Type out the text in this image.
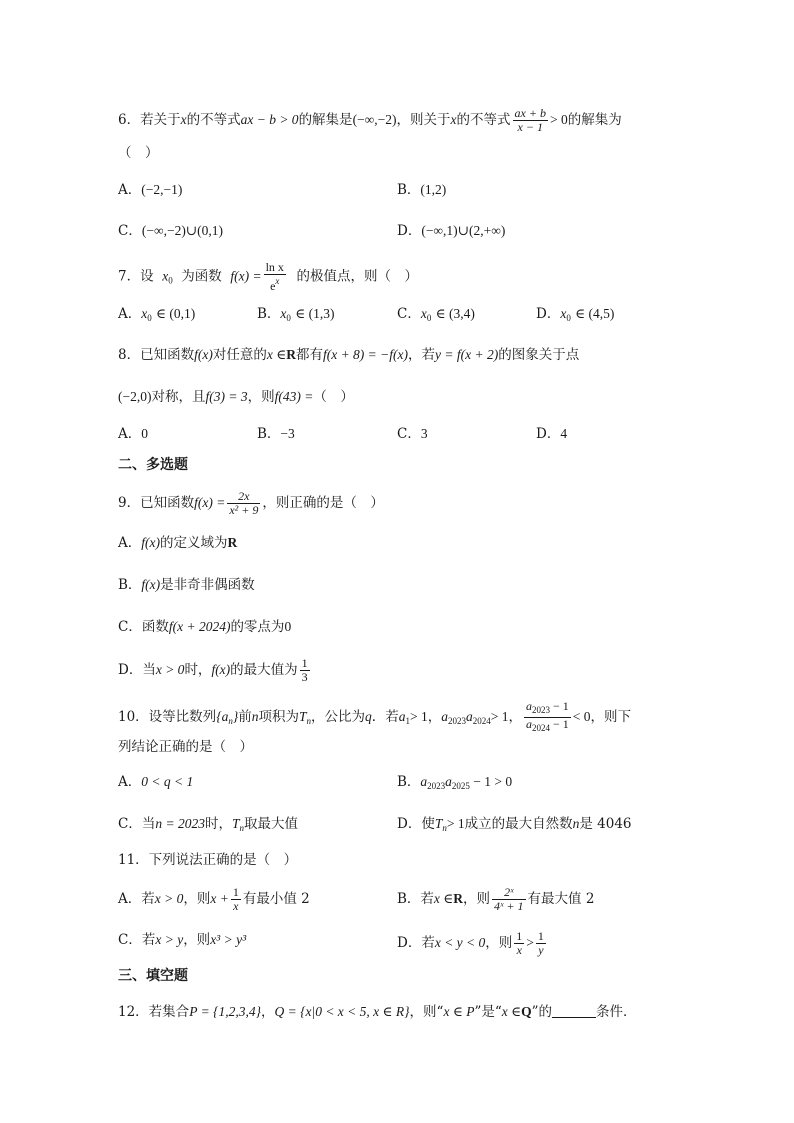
6．若关于x的不等式ax − b > 0的解集是(−∞,−2)，则关于x的不等式 $\frac{ax + b}{x - 1} > 0$的解集为
（　）
A．(−2,−1)	B．(1,2)
C．(−∞,−2)∪(0,1)	D．(−∞,1)∪(2,+∞)
7．设 $x_0$ 为函数 $f(x) = \frac{\text{ln x}}{e^x}$ 的极值点，则（　）
A．$x_0$ ∈ (0,1)	B．$x_0$ ∈ (1,3)	C．$x_0$ ∈ (3,4)	D．$x_0$ ∈ (4,5)
8．已知函数f(x)对任意的x ∈R都有f(x + 8) = −f(x)，若y = f(x + 2)的图象关于点
(−2,0)对称，且f(3) = 3，则f(43) =（　）
A．0	B．−3	C．3	D．4
二、多选题
9．已知函数$f(x) = \frac{2x}{\text{x² + 9}}$ ，则正确的是（　）
A．f(x)的定义域为R
B．f(x)是非奇非偶函数
C．函数f(x + 2024)的零点为0
D．当x > 0时，f(x)的最大值为 $\frac{1}{3}$
10．设等比数列$\{a_n\}$前n项积为$T_n$，公比为q．若$a_1> 1$，$a_{2023}a_{2024}> 1$， $\frac{a_{2023} - 1}{a_{2024} - 1} < 0$，则下
列结论正确的是（　）
A．0 < q < 1	B．$a_{2023}a_{2025} - 1 > 0$
C．当n = 2023时，$T_n$取最大值	D．使$T_n> 1$成立的最大自然数n是 4046
11．下列说法正确的是（　）
A．若x > 0，则$x + \frac{1}{x}$ 有最小值 2	B．若x ∈R，则 $\frac{\text{2ˣ}}{\text{4ˣ + 1}}$ 有最大值 2
C．若x > y，则x³ > y³	D．若x < y < 0，则 $\frac{1}{x} > \frac{1}{y}$
三、填空题
12．若集合P = {1,2,3,4}，Q = {x|0 < x < 5, x ∈ R}，则“x ∈ P”是“x ∈Q”的	条件．
